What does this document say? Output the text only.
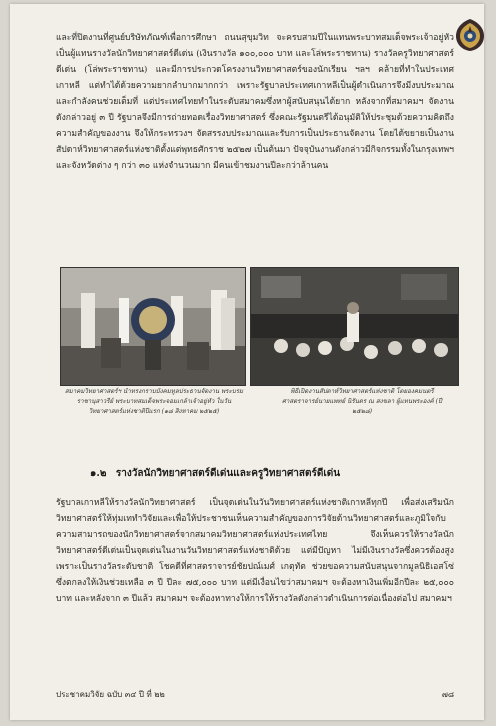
และที่ปิดงานที่ศูนย์บริษัทภัณฑ์เพื่อการศึกษา ถนนสุขุมวิท จะครบสามปีในแทนพระบาทสมเด็จพระเจ้าอยู่หัว เป็นผู้แทนรางวัลนักวิทยาศาสตร์ดีเด่น (เงินรางวัล ๑๐๐,๐๐๐ บาท และโล่พระราชทาน) รางวัลครูวิทยาศาสตร์ดีเด่น (โล่พระราชทาน) และมีการประกวดโครงงานวิทยาศาสตร์ของนักเรียน ฯลฯ คล้ายที่ทำในประเทศเกาหลี แต่ทำได้ด้วยความยากลำบากมากกว่า เพราะรัฐบาลประเทศเกาหลีเป็นผู้ดำเนินการจึงมีงบประมาณและกำลังคนช่วยเต็มที่ แต่ประเทศไทยทำในระดับสมาคมซึ่งหาผู้สนับสนุนได้ยาก หลังจากที่สมาคมฯ จัดงานดังกล่าวอยู่ ๓ ปี รัฐบาลจึงมีการถ่ายทอดเรื่องวิทยาศาสตร์ ซึ่งคณะรัฐมนตรีได้อนุมัติให้ประชุมด้วยความคิดถึงความสำคัญของงาน จึงให้กระทรวงฯ จัดสรรงบประมาณและรับการเป็นประธานจัดงาน โดยได้ขยายเป็นงานสัปดาห์วิทยาศาสตร์แห่งชาติตั้งแต่พุทธศักราช ๒๕๒๗ เป็นต้นมา ปัจจุบันงานดังกล่าวมีกิจกรรมทั้งในกรุงเทพฯ และจังหวัดต่าง ๆ กว่า ๓๐ แห่งจำนวนมาก มีคนเข้าชมงานปีละกว่าล้านคน

สมาคมวิทยาศาสตร์ฯ นำทรงกราบบังคมทูลประธานจัดงาน พระบรมราชานุสาวรีย์ พระบาทสมเด็จพระจอมเกล้าเจ้าอยู่หัว ในวันวิทยาศาสตร์แห่งชาติปีแรก (๑๘ สิงหาคม ๒๕๒๕)

พิธีเปิดงานสัปดาห์วิทยาศาสตร์แห่งชาติ โดยองคมนตรี ศาสตราจารย์นายแพทย์ นิรันดร ณ สงขลา ผู้แทนพระองค์ (ปี ๒๕๒๘)

๑.๒ รางวัลนักวิทยาศาสตร์ดีเด่นและครูวิทยาศาสตร์ดีเด่น

รัฐบาลเกาหลีให้รางวัลนักวิทยาศาสตร์ เป็นจุดเด่นในวันวิทยาศาสตร์แห่งชาติเกาหลีทุกปี เพื่อส่งเสริมนักวิทยาศาสตร์ให้ทุ่มเททำวิจัยและเพื่อให้ประชาชนเห็นความสำคัญของการวิจัยด้านวิทยาศาสตร์และภูมิใจกับความสามารถของนักวิทยาศาสตร์จากสมาคมวิทยาศาสตร์แห่งประเทศไทย จึงเห็นควรให้รางวัลนักวิทยาศาสตร์ดีเด่นเป็นจุดเด่นในงานวันวิทยาศาสตร์แห่งชาติด้วย แต่มีปัญหา ไม่มีเงินรางวัลซึ่งควรต้องสูงเพราะเป็นรางวัลระดับชาติ โชคดีที่ศาสตราจารย์ชัยปณ์เมศ์ เกตุทัต ช่วยขอความสนับสนุนจากมูลนิธิเอสโซ่ซึ่งตกลงให้เงินช่วยเหลือ ๓ ปี ปีละ ๗๕,๐๐๐ บาท แต่มีเงื่อนไขว่าสมาคมฯ จะต้องหาเงินเพิ่มอีกปีละ ๒๕,๐๐๐ บาท และหลังจาก ๓ ปีแล้ว สมาคมฯ จะต้องหาทางให้การให้รางวัลดังกล่าวดำเนินการต่อเนื่องต่อไป สมาคมฯ

ประชาคมวิจัย ฉบับ ๓๔ ปี ที่ ๒๒	๗๘
